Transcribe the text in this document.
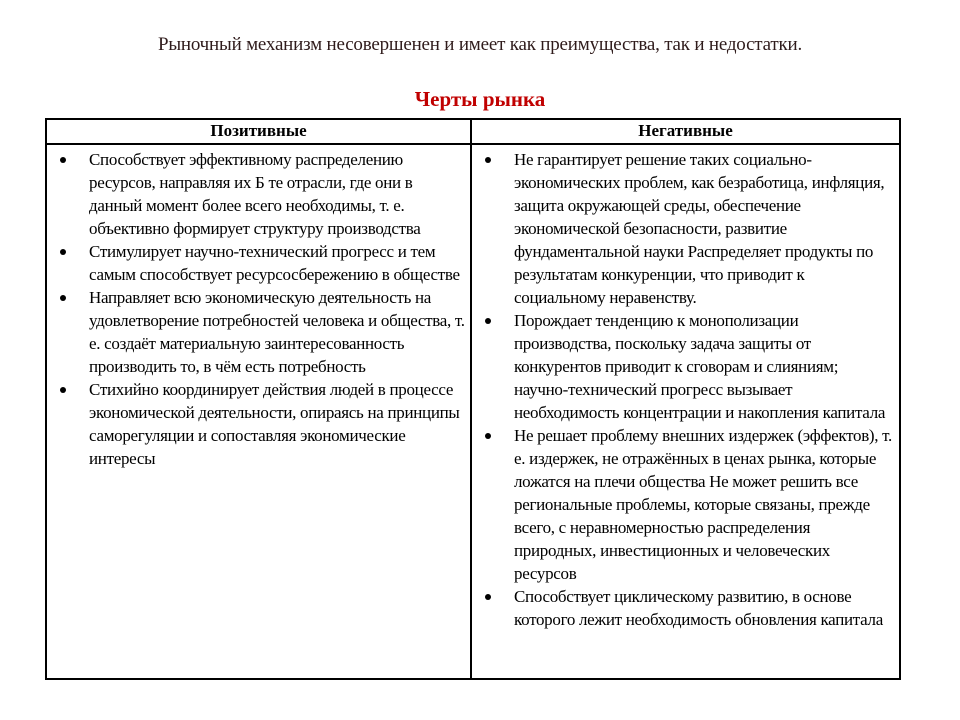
Рыночный механизм несовершенен и имеет как преимущества, так и недостатки.
Черты рынка
Позитивные	Негативные
Способствует эффективному распределению ресурсов, направляя их Б те отрасли, где они в данный момент более всего необходимы, т. е. объективно формирует структуру производства
Стимулирует научно-технический прогресс и тем самым способствует ресурсосбережению в обществе
Направляет всю экономическую деятельность на удовлетворение потребностей человека и общества, т. е. создаёт материальную заинтересованность производить то, в чём есть потребность
Стихийно координирует действия людей в процессе экономической деятельности, опираясь на принципы саморегуляции и сопоставляя экономические интересы
Не гарантирует решение таких социально-экономических проблем, как безработица, инфляция, защита окружающей среды, обеспечение экономической безопасности, развитие фундаментальной науки Распределяет продукты по результатам конкуренции, что приводит к социальному неравенству.
Порождает тенденцию к монополизации производства, поскольку задача защиты от конкурентов приводит к сговорам и слияниям; научно-технический прогресс вызывает необходимость концентрации и накопления капитала
Не решает проблему внешних издержек (эффектов), т. е. издержек, не отражённых в ценах рынка, которые ложатся на плечи общества Не может решить все региональные проблемы, которые связаны, прежде всего, с неравномерностью распределения природных, инвестиционных и человеческих ресурсов
Способствует циклическому развитию, в основе которого лежит необходимость обновления капитала
